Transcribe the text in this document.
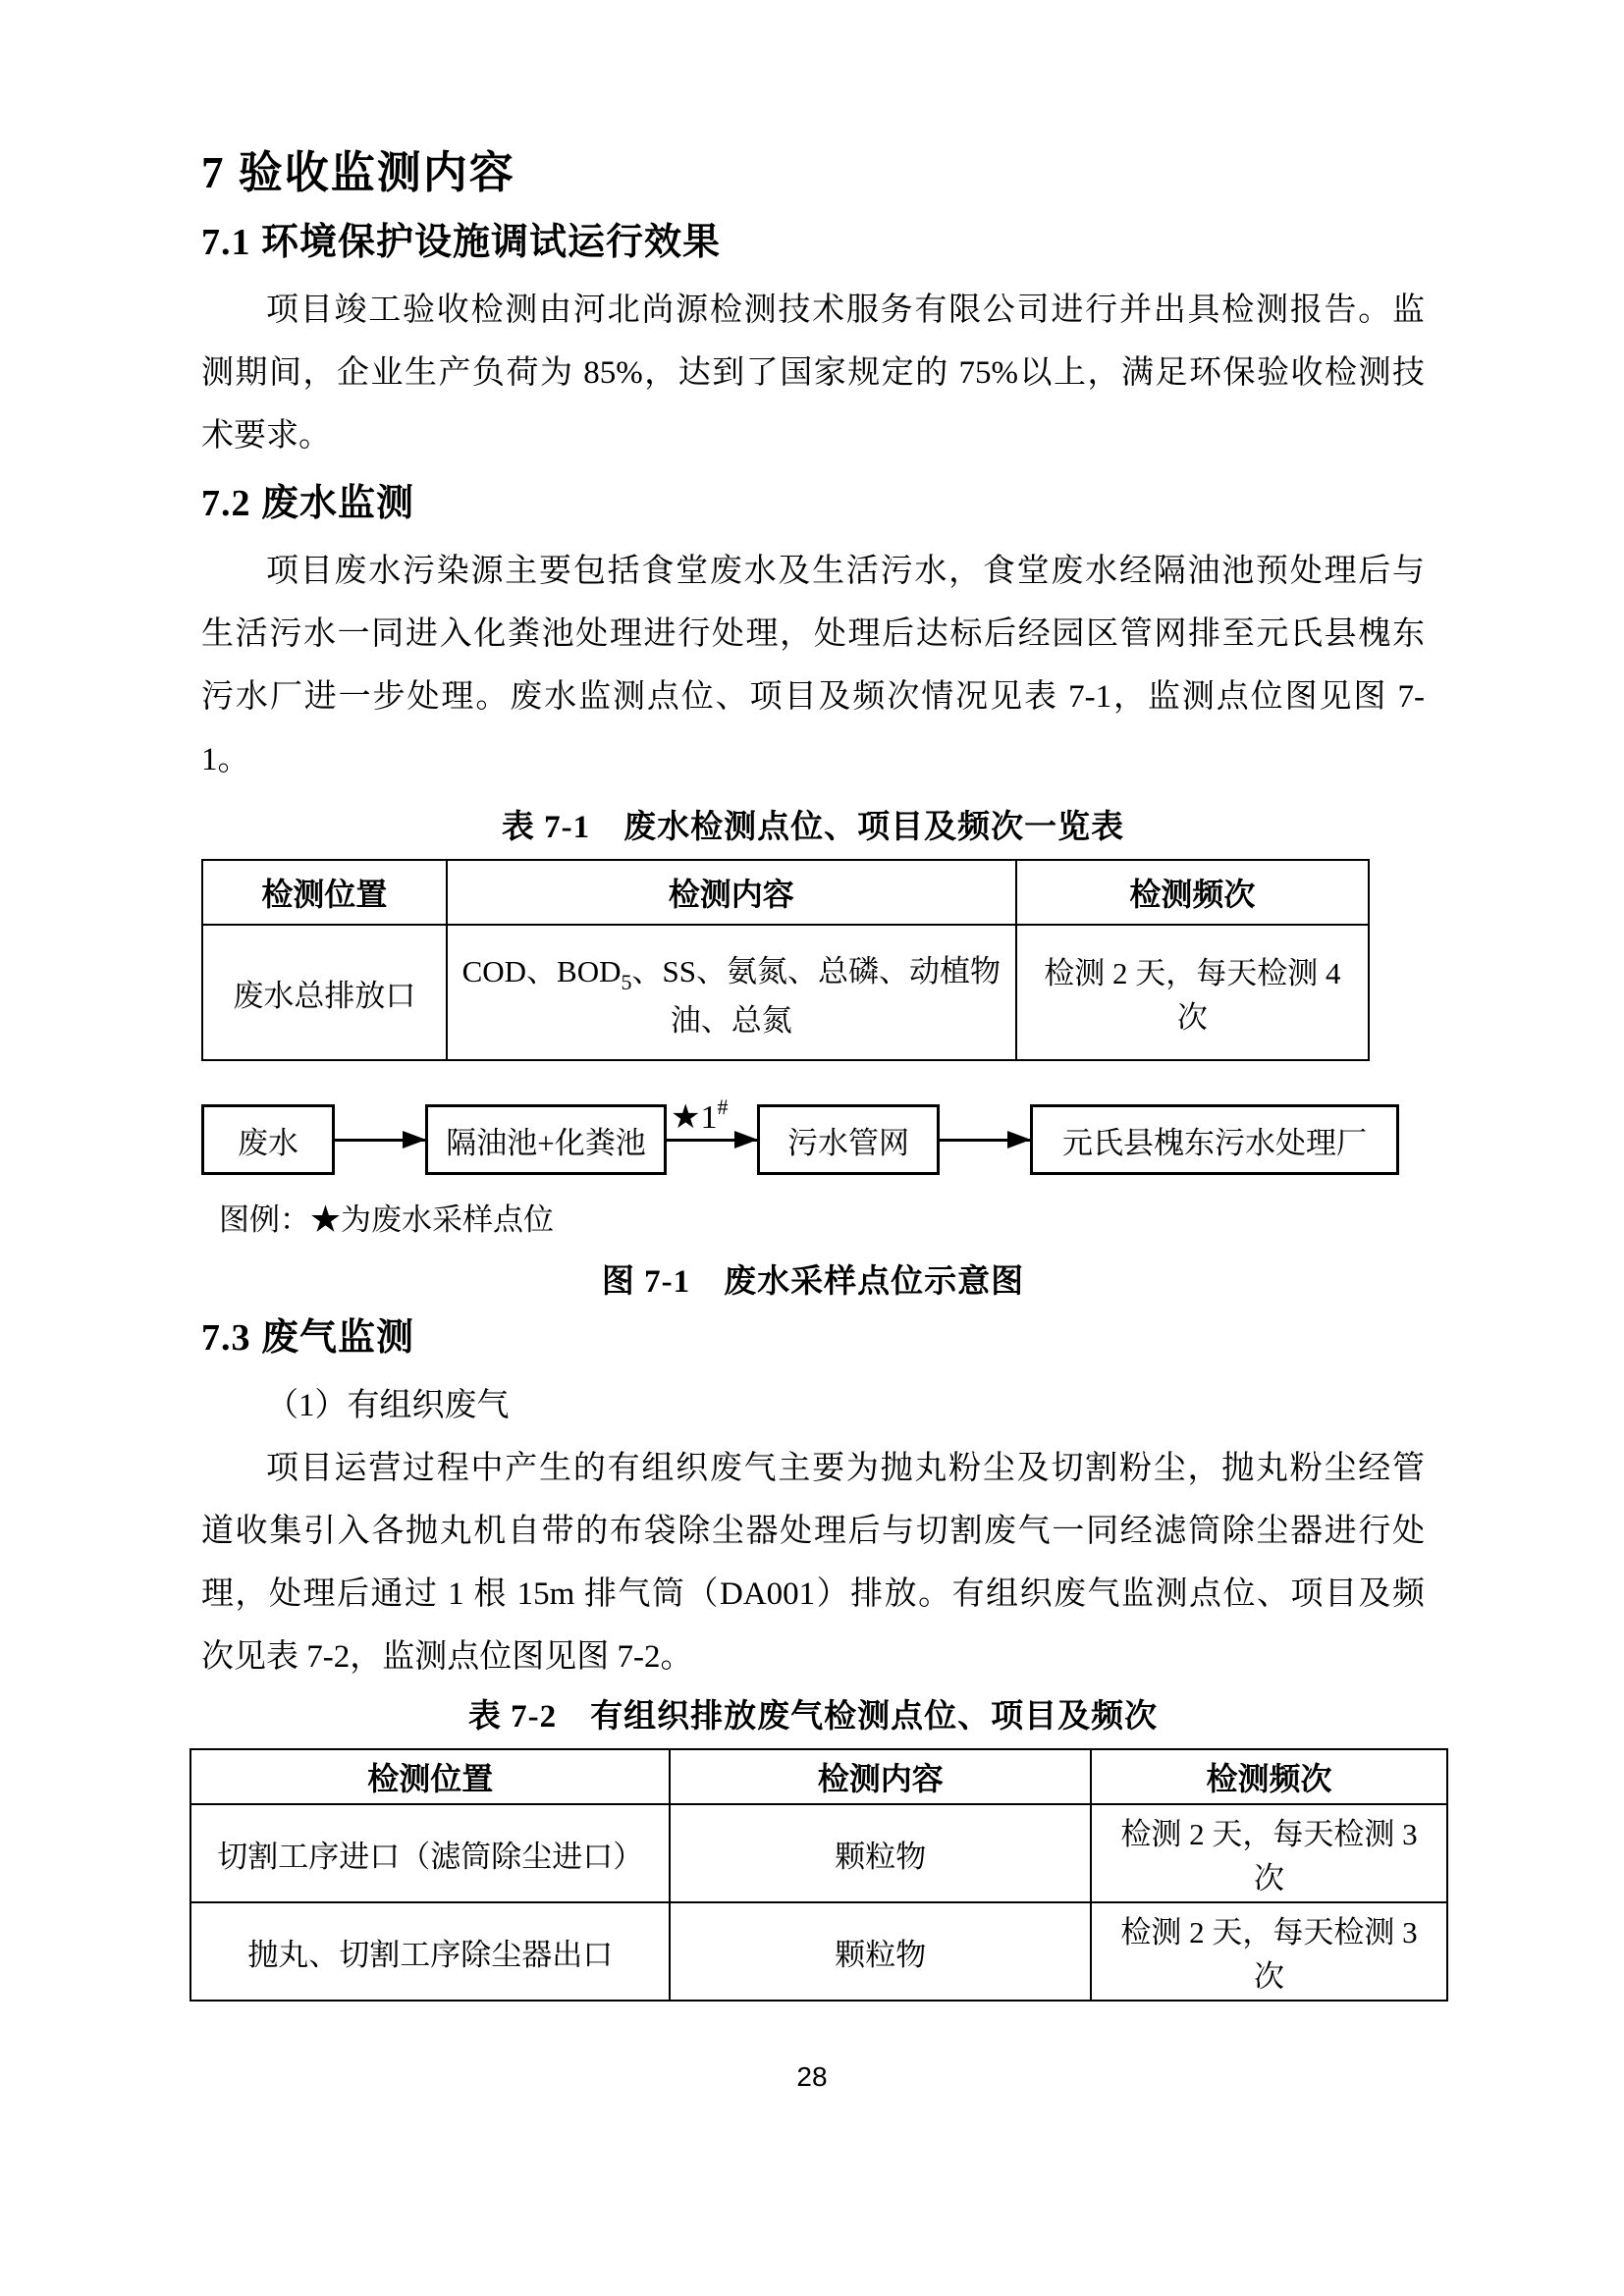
7 验收监测内容
7.1 环境保护设施调试运行效果
项目竣工验收检测由河北尚源检测技术服务有限公司进行并出具检测报告。监
测期间，企业生产负荷为 85%，达到了国家规定的 75%以上，满足环保验收检测技
术要求。
7.2 废水监测
项目废水污染源主要包括食堂废水及生活污水，食堂废水经隔油池预处理后与
生活污水一同进入化粪池处理进行处理，处理后达标后经园区管网排至元氏县槐东
污水厂进一步处理。废水监测点位、项目及频次情况见表 7-1，监测点位图见图 7-
1。
表 7-1　废水检测点位、项目及频次一览表
检测位置	检测内容	检测频次
废水总排放口	COD、$BOD_5$、SS、氨氮、总磷、动植物油、总氮	检测 2 天，每天检测 4 次
废水	隔油池+化粪池
★1#
污水管网	元氏县槐东污水处理厂
图例：★为废水采样点位
图 7-1　废水采样点位示意图
7.3 废气监测
（1）有组织废气
项目运营过程中产生的有组织废气主要为抛丸粉尘及切割粉尘，抛丸粉尘经管
道收集引入各抛丸机自带的布袋除尘器处理后与切割废气一同经滤筒除尘器进行处
理，处理后通过 1 根 15m 排气筒（DA001）排放。有组织废气监测点位、项目及频
次见表 7-2，监测点位图见图 7-2。
表 7-2　有组织排放废气检测点位、项目及频次
检测位置	检测内容	检测频次
切割工序进口（滤筒除尘进口）	颗粒物	检测 2 天，每天检测 3 次
抛丸、切割工序除尘器出口	颗粒物	检测 2 天，每天检测 3 次
28
